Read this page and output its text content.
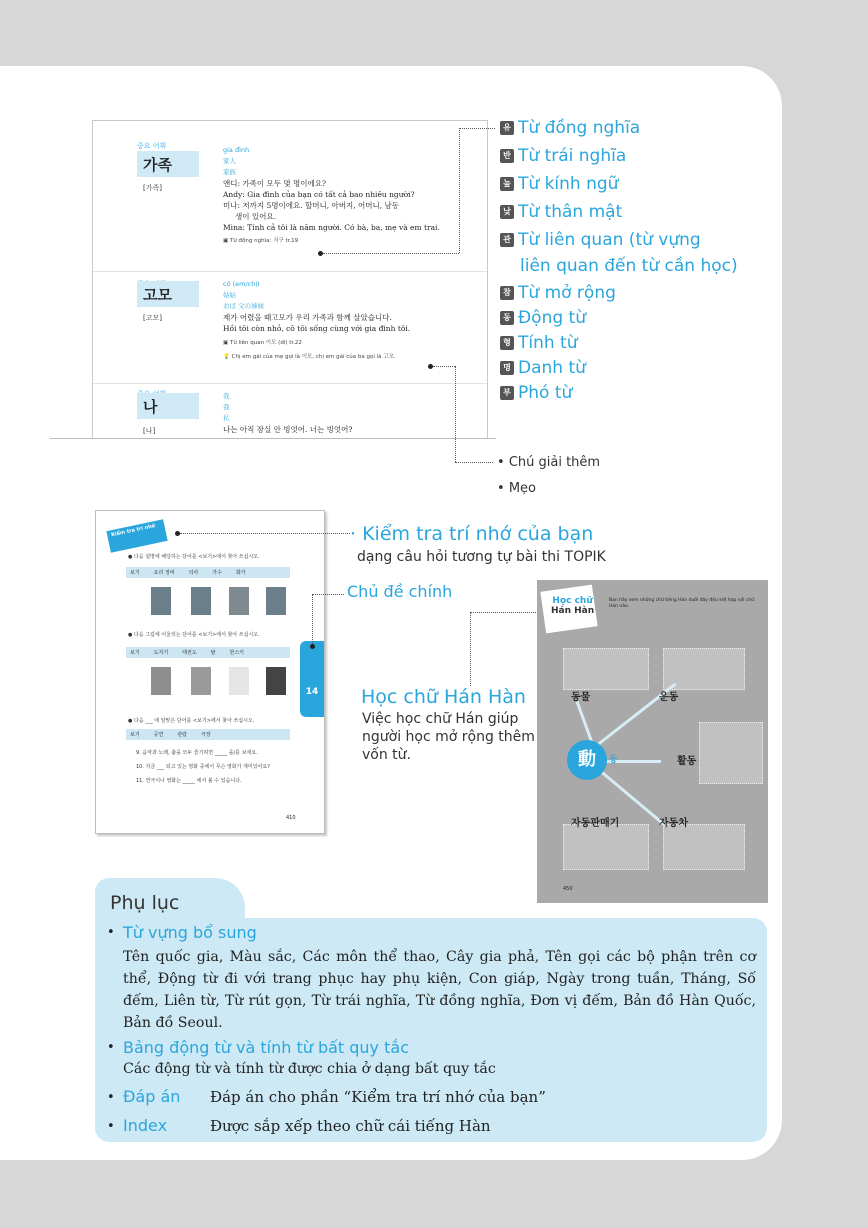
중요 어휘
가족
[가족]
gia đình
家人
家族
앤디: 가족이 모두 몇 명이에요?
Andy: Gia đình của bạn có tất cả bao nhiêu người?
미나: 저까지 5명이에요. 할머니, 아버지, 어머니, 남동
생이 있어요.
Mina: Tính cả tôi là năm người. Có bà, ba, mẹ và em trai.
▣ Từ đồng nghĩa: 식구 tr.19
고모
[고모]
cô (em/chị)
姑姑
おば 父の姉妹
제가 어렸을 때고모가 우리 가족과 함께 살았습니다.
Hồi tôi còn nhỏ, cô tôi sống cùng với gia đình tôi.
▣ Từ liên quan 이모 (dì) tr.22
💡 Chị em gái của mẹ gọi là 이모, chị em gái của ba gọi là 고모.
나
[나]
我
我
私
나는 아직 잠실 안 빙엇어. 너는 빙엇어?
유 Từ đồng nghĩa
반 Từ trái nghĩa
높 Từ kính ngữ
낮 Từ thân mật
관 Từ liên quan (từ vựng
liên quan đến từ cần học)
참 Từ mở rộng
동 Động từ
형 Tính từ
명 Danh từ
부 Phó từ
• Chú giải thêm
• Mẹo
Kiểm tra trí nhớ
● 다음 설명에 해당하는 단어를 <보기>에서 찾아 쓰십시오.
보기	요리 정비	의사	가수	화가
● 다음 그림에 어울리는 단어를 <보기>에서 찾아 쓰십시오.
보기	도자기	태권도	탈	한스키
● 다음 ___ 에 알맞은 단어를 <보기>에서 찾아 쓰십시오.
보기	공연	관람	극장
9. 음악과 노래, 춤을 모두 즐기려면 _____ 을/를 보세요.
10. 지금 ___ 되고 있는 영화 중에서 무슨 영화가 재미있어요?
11. 연극이나 영화는 _____ 에서 볼 수 있습니다.
14
410
· Kiểm tra trí nhớ của bạn
dạng câu hỏi tương tự bài thi TOPIK
Chủ đề chính
Học chữ Hán Hàn
Việc học chữ Hán giúp
người học mở rộng thêm
vốn từ.
Học chữ
Hán Hàn
Bạn hãy xem những chữ tiếng Hàn dưới đây đều kết hợp với chữ Hán nào.
動	동
동물	운동
활동
자동판매기	자동차
450
• Từ vựng bổ sung
Tên quốc gia, Màu sắc, Các môn thể thao, Cây gia phả, Tên gọi các bộ phận trên cơ thể, Động từ đi với trang phục hay phụ kiện, Con giáp, Ngày trong tuần, Tháng, Số đếm, Liên từ, Từ rút gọn, Từ trái nghĩa, Từ đồng nghĩa, Đơn vị đếm, Bản đồ Hàn Quốc, Bản đồ Seoul.
• Bảng động từ và tính từ bất quy tắc
Các động từ và tính từ được chia ở dạng bất quy tắc
• Đáp án Đáp án cho phần “Kiểm tra trí nhớ của bạn”
• Index	Được sắp xếp theo chữ cái tiếng Hàn
Phụ lục
